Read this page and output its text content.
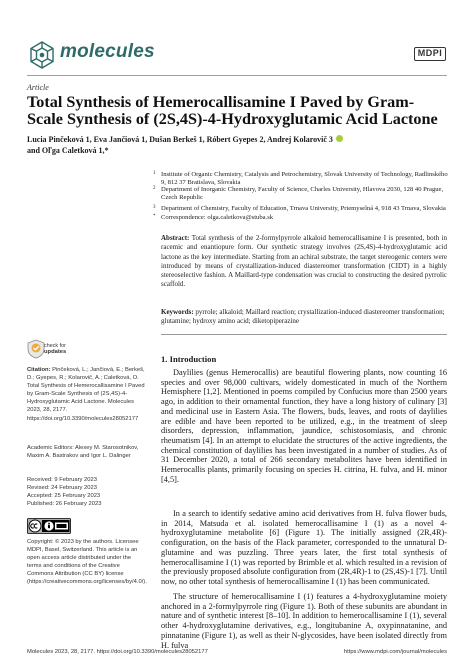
molecules	MDPI
Article
Total Synthesis of Hemerocallisamine I Paved by Gram-Scale Synthesis of (2S,4S)-4-Hydroxyglutamic Acid Lactone
Lucia Pinčeková 1, Eva Jančiová 1, Dušan Berkeš 1, Róbert Gyepes 2, Andrej Kolarovič 3
and Oľga Caletková 1,*
1 Institute of Organic Chemistry, Catalysis and Petrochemistry, Slovak University of Technology, Radlinského 9, 812 37 Bratislava, Slovakia
2 Department of Inorganic Chemistry, Faculty of Science, Charles University, Hlavova 2030, 128 40 Prague, Czech Republic
3 Department of Chemistry, Faculty of Education, Trnava University, Priemyselná 4, 918 43 Trnava, Slovakia
* Correspondence: olga.caletkova@stuba.sk
Abstract: Total synthesis of the 2-formylpyrrole alkaloid hemerocallisamine I is presented, both in racemic and enantiopure form. Our synthetic strategy involves (2S,4S)-4-hydroxyglutamic acid lactone as the key intermediate. Starting from an achiral substrate, the target stereogenic centers were introduced by means of crystallization-induced diastereomer transformation (CIDT) in a highly stereoselective fashion. A Maillard-type condensation was crucial to constructing the desired pyrrolic scaffold.
Keywords: pyrrole; alkaloid; Maillard reaction; crystallization-induced diastereomer transformation; glutamine; hydroxy amino acid; diketopiperazine
check for
updates
Citation: Pinčeková, L.; Jančiová, E.; Berkeš, D.; Gyepes, R.; Kolarovič, A.; Caletková, O. Total Synthesis of Hemerocallisamine I Paved by Gram-Scale Synthesis of (2S,4S)-4-Hydroxyglutamic Acid Lactone. Molecules 2023, 28, 2177. https://doi.org/10.3390/molecules28052177
Academic Editors: Alexey M. Starosotnikov, Maxim A. Bastrakov and Igor L. Dalinger
Received: 9 February 2023
Revised: 24 February 2023
Accepted: 25 February 2023
Published: 26 February 2023
Copyright: © 2023 by the authors. Licensee MDPI, Basel, Switzerland. This article is an open access article distributed under the terms and conditions of the Creative Commons Attribution (CC BY) license (https://creativecommons.org/licenses/by/4.0/).
1. Introduction
Daylilies (genus Hemerocallis) are beautiful flowering plants, now counting 16 species and over 98,000 cultivars, widely domesticated in much of the Northern Hemisphere [1,2]. Mentioned in poems compiled by Confucius more than 2500 years ago, in addition to their ornamental function, they have a long history of culinary [3] and medicinal use in Eastern Asia. The flowers, buds, leaves, and roots of daylilies are edible and have been reported to be utilized, e.g., in the treatment of sleep disorders, depression, inflammation, jaundice, schistosomiasis, and chronic rheumatism [4]. In an attempt to elucidate the structures of the active ingredients, the chemical constitution of daylilies has been investigated in a number of studies. As of 31 December 2020, a total of 266 secondary metabolites have been identified in Hemerocallis plants, primarily focusing on species H. citrina, H. fulva, and H. minor [4,5].
In a search to identify sedative amino acid derivatives from H. fulva flower buds, in 2014, Matsuda et al. isolated hemerocallisamine I (1) as a novel 4-hydroxyglutamine metabolite [6] (Figure 1). The initially assigned (2R,4R)-configuration, on the basis of the Flack parameter, corresponded to the unnatural D-glutamine and was puzzling. Three years later, the first total synthesis of hemerocallisamine I (1) was reported by Brimble et al. which resulted in a revision of the previously proposed absolute configuration from (2R,4R)-1 to (2S,4S)-1 [7]. Until now, no other total synthesis of hemerocallisamine I (1) has been communicated.
The structure of hemerocallisamine I (1) features a 4-hydroxyglutamine moiety anchored in a 2-formylpyrrole ring (Figure 1). Both of these subunits are abundant in nature and of synthetic interest [8–10]. In addition to hemerocallisamine I (1), several other 4-hydroxyglutamine derivatives, e.g., longitubanine A, oxypinnatanine, and pinnatanine (Figure 1), as well as their N-glycosides, have been isolated directly from H. fulva
Molecules 2023, 28, 2177. https://doi.org/10.3390/molecules28052177	https://www.mdpi.com/journal/molecules
